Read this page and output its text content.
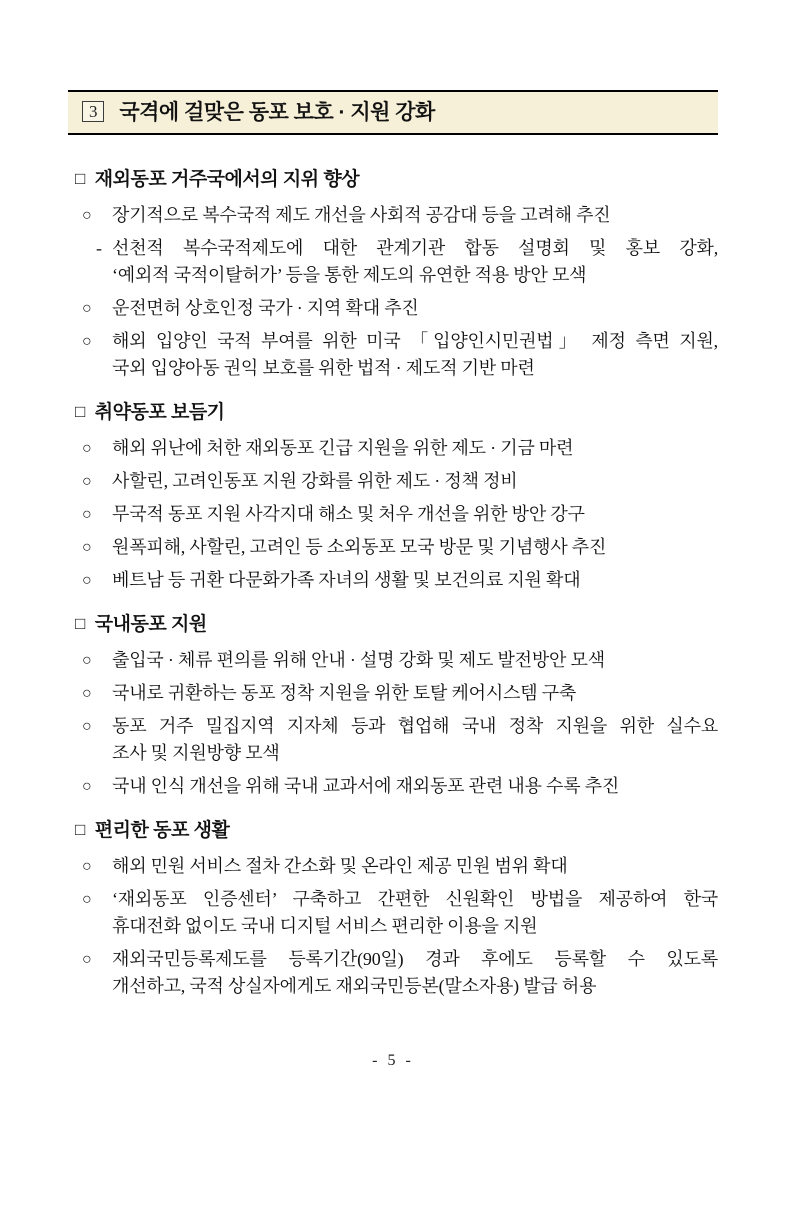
3 국격에 걸맞은 동포 보호 · 지원 강화
□ 재외동포 거주국에서의 지위 향상
○	장기적으로 복수국적 제도 개선을 사회적 공감대 등을 고려해 추진
- 선천적 복수국적제도에 대한 관계기관 합동 설명회 및 홍보 강화,
‘예외적 국적이탈허가’ 등을 통한 제도의 유연한 적용 방안 모색
○	운전면허 상호인정 국가 · 지역 확대 추진
○	해외 입양인 국적 부여를 위한 미국 「입양인시민권법」 제정 측면 지원,
국외 입양아동 권익 보호를 위한 법적 · 제도적 기반 마련
□ 취약동포 보듬기
○	해외 위난에 처한 재외동포 긴급 지원을 위한 제도 · 기금 마련
○	사할린, 고려인동포 지원 강화를 위한 제도 · 정책 정비
○	무국적 동포 지원 사각지대 해소 및 처우 개선을 위한 방안 강구
○	원폭피해, 사할린, 고려인 등 소외동포 모국 방문 및 기념행사 추진
○	베트남 등 귀환 다문화가족 자녀의 생활 및 보건의료 지원 확대
□ 국내동포 지원
○	출입국 · 체류 편의를 위해 안내 · 설명 강화 및 제도 발전방안 모색
○	국내로 귀환하는 동포 정착 지원을 위한 토탈 케어시스템 구축
○	동포 거주 밀집지역 지자체 등과 협업해 국내 정착 지원을 위한 실수요
조사 및 지원방향 모색
○	국내 인식 개선을 위해 국내 교과서에 재외동포 관련 내용 수록 추진
□ 편리한 동포 생활
○	해외 민원 서비스 절차 간소화 및 온라인 제공 민원 범위 확대
○	‘재외동포 인증센터’ 구축하고 간편한 신원확인 방법을 제공하여 한국
휴대전화 없이도 국내 디지털 서비스 편리한 이용을 지원
○	재외국민등록제도를 등록기간(90일) 경과 후에도 등록할 수 있도록
개선하고, 국적 상실자에게도 재외국민등본(말소자용) 발급 허용
- 5 -
